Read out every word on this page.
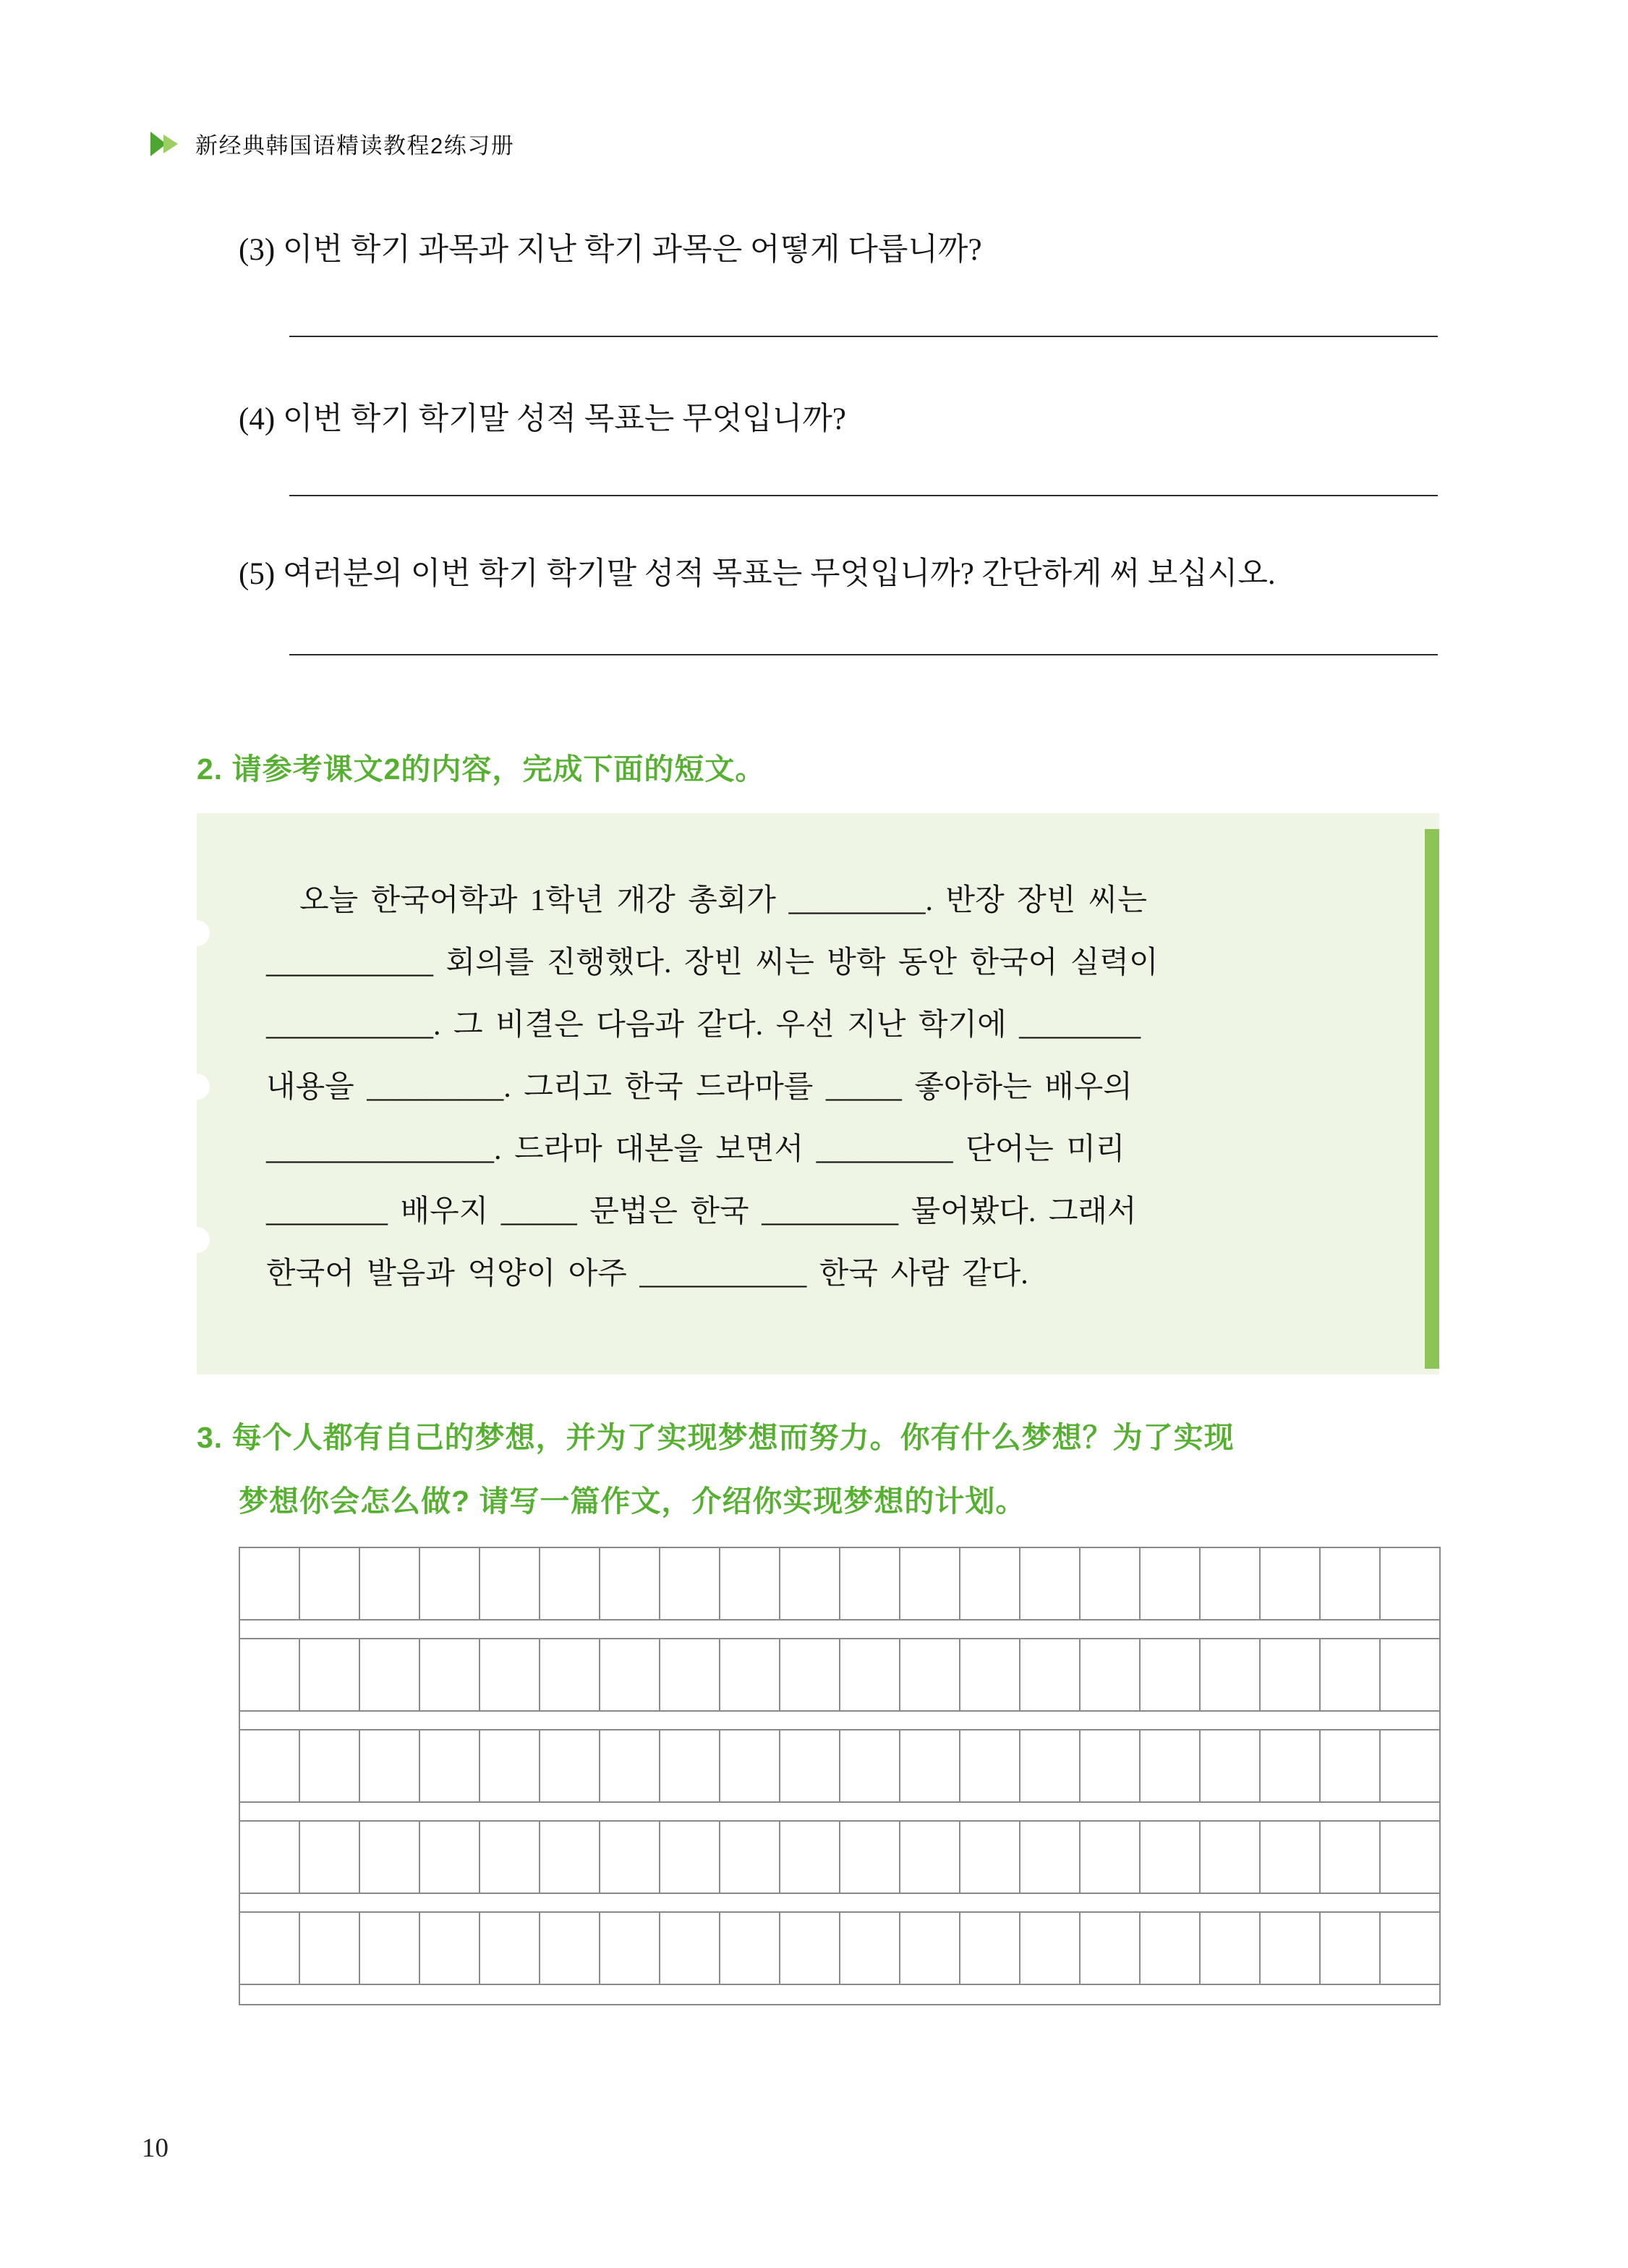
新经典韩国语精读教程2练习册
(3) 이번 학기 과목과 지난 학기 과목은 어떻게 다릅니까?
(4) 이번 학기 학기말 성적 목표는 무엇입니까?
(5) 여러분의 이번 학기 학기말 성적 목표는 무엇입니까? 간단하게 써 보십시오.
2. 请参考课文2的内容，完成下面的短文。
오늘 한국어학과 1학년 개강 총회가 _________. 반장 장빈 씨는
___________ 회의를 진행했다. 장빈 씨는 방학 동안 한국어 실력이
___________. 그 비결은 다음과 같다. 우선 지난 학기에 ________
내용을 _________. 그리고 한국 드라마를 _____ 좋아하는 배우의
_______________. 드라마 대본을 보면서 _________ 단어는 미리
________ 배우지 _____ 문법은 한국 _________ 물어봤다. 그래서
한국어 발음과 억양이 아주 ___________ 한국 사람 같다.
3. 每个人都有自己的梦想，并为了实现梦想而努力。你有什么梦想？为了实现
梦想你会怎么做? 请写一篇作文，介绍你实现梦想的计划。
10
